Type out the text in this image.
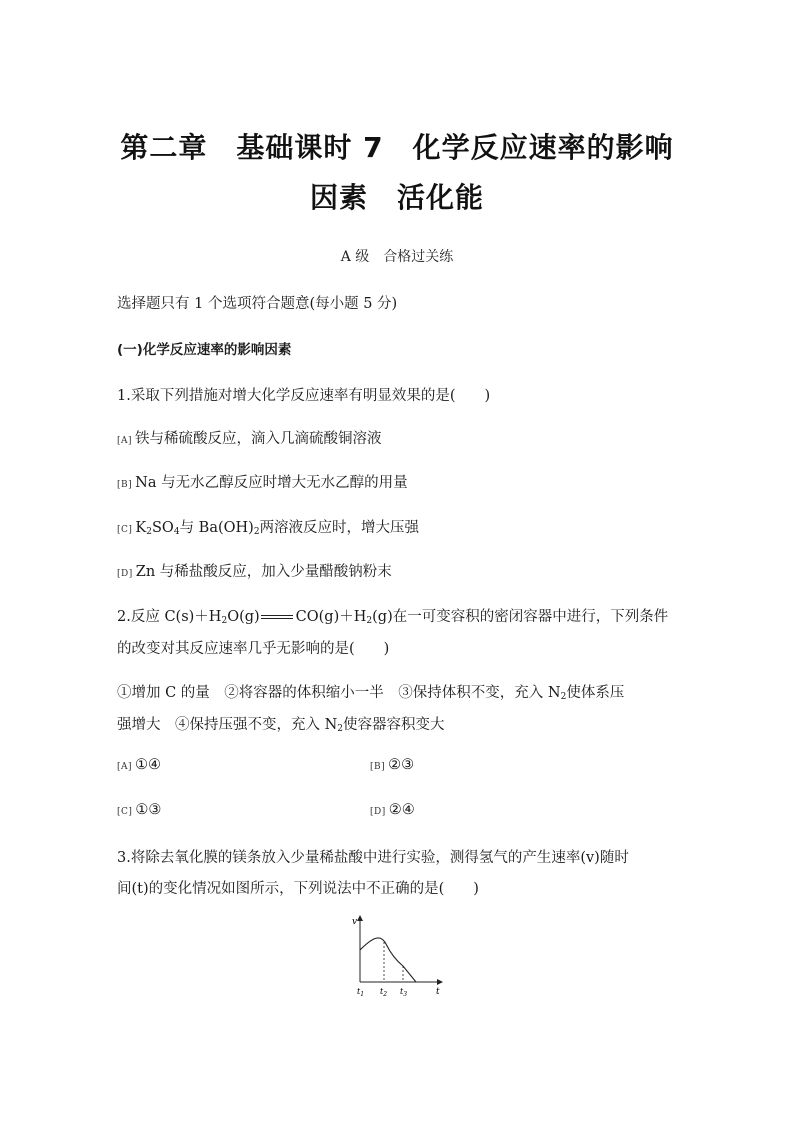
第二章　基础课时 7　化学反应速率的影响
因素　活化能
A 级　合格过关练
选择题只有 1 个选项符合题意(每小题 5 分)
(一)化学反应速率的影响因素
1.采取下列措施对增大化学反应速率有明显效果的是(　　)
[A] 铁与稀硫酸反应，滴入几滴硫酸铜溶液
[B] Na 与无水乙醇反应时增大无水乙醇的用量
[C] $K_2SO_4$与 $Ba(OH)_2$两溶液反应时，增大压强
[D] Zn 与稀盐酸反应，加入少量醋酸钠粉末
2.反应 $C(s)+H_2O(g)$ $CO(g)+H_2(g)$在一可变容积的密闭容器中进行，下列条件
的改变对其反应速率几乎无影响的是(　　)
①增加 C 的量　②将容器的体积缩小一半　③保持体积不变，充入 $N_2$使体系压
强增大　④保持压强不变，充入 $N_2$使容器容积变大
[A] ①④	[B] ②③
[C] ①③	[D] ②④
3.将除去氧化膜的镁条放入少量稀盐酸中进行实验，测得氢气的产生速率(v)随时
间(t)的变化情况如图所示，下列说法中不正确的是(　　)
v
t
$t_1$ $t_2$ $t_3$
